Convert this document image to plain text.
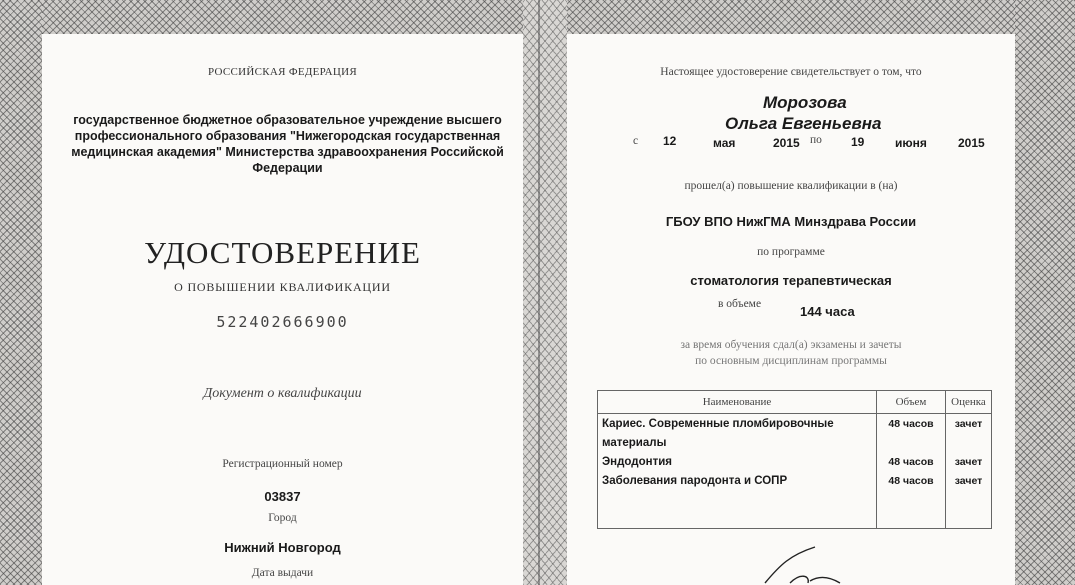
РОССИЙСКАЯ ФЕДЕРАЦИЯ
государственное бюджетное образовательное учреждение высшего профессионального образования "Нижегородская государственная медицинская академия" Министерства здравоохранения Российской Федерации
УДОСТОВЕРЕНИЕ
О ПОВЫШЕНИИ КВАЛИФИКАЦИИ
522402666900
Документ о квалификации
Регистрационный номер
03837
Город
Нижний Новгород
Дата выдачи
Настоящее удостоверение свидетельствует о том, что
Морозова
Ольга Евгеньевна
с 12	мая	2015 по 19	июня	2015
прошел(а) повышение квалификации в (на)
ГБОУ ВПО НижГМА Минздрава России
по программе
стоматология терапевтическая
в объеме	144 часа
за время обучения сдал(а) экзамены и зачеты
по основным дисциплинам программы
Наименование	Объем	Оценка
Кариес. Современные пломбировочные	48 часов	зачет
материалы		
Эндодонтия	48 часов	зачет
Заболевания пародонта и СОПР	48 часов	зачет
